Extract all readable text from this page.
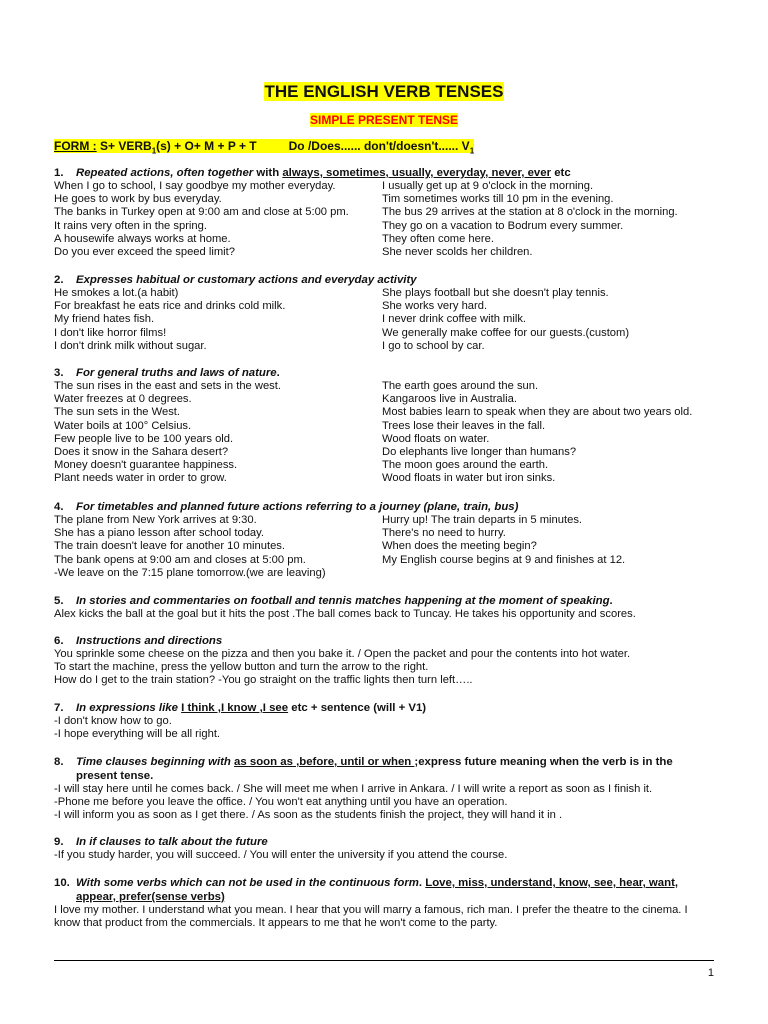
THE ENGLISH VERB TENSES
SIMPLE PRESENT TENSE
FORM : $S+ VERB_1(s) + O+ M + P + T$	Do /Does...... don't/doesn't...... $V_1$
1. Repeated actions, often together with always, sometimes, usually, everyday, never, ever etc
When I go to school, I say goodbye my mother everyday.	I usually get up at 9 o'clock in the morning.
He goes to work by bus everyday.	Tim sometimes works till 10 pm in the evening.
The banks in Turkey open at 9:00 am and close at 5:00 pm.	The bus 29 arrives at the station at 8 o'clock in the morning.
It rains very often in the spring.	They go on a vacation to Bodrum every summer.
A housewife always works at home.	They often come here.
Do you ever exceed the speed limit?	She never scolds her children.
2. Expresses habitual or customary actions and everyday activity
He smokes a lot.(a habit)	She plays football but she doesn't play tennis.
For breakfast he eats rice and drinks cold milk.	She works very hard.
My friend hates fish.	I never drink coffee with milk.
I don't like horror films!	We generally make coffee for our guests.(custom)
I don't drink milk without sugar.	I go to school by car.
3. For general truths and laws of nature.
The sun rises in the east and sets in the west.	The earth goes around the sun.
Water freezes at 0 degrees.	Kangaroos live in Australia.
The sun sets in the West.	Most babies learn to speak when they are about two years old.
Water boils at 100° Celsius.	Trees lose their leaves in the fall.
Few people live to be 100 years old.	Wood floats on water.
Does it snow in the Sahara desert?	Do elephants live longer than humans?
Money doesn't guarantee happiness.	The moon goes around the earth.
Plant needs water in order to grow.	Wood floats in water but iron sinks.
4. For timetables and planned future actions referring to a journey (plane, train, bus)
The plane from New York arrives at 9:30.	Hurry up! The train departs in 5 minutes.
She has a piano lesson after school today.	There's no need to hurry.
The train doesn't leave for another 10 minutes.	When does the meeting begin?
The bank opens at 9:00 am and closes at 5:00 pm.	My English course begins at 9 and finishes at 12.
-We leave on the 7:15 plane tomorrow.(we are leaving)
5. In stories and commentaries on football and tennis matches happening at the moment of speaking.
Alex kicks the ball at the goal but it hits the post .The ball comes back to Tuncay. He takes his opportunity and scores.
6. Instructions and directions
You sprinkle some cheese on the pizza and then you bake it. / Open the packet and pour the contents into hot water.
To start the machine, press the yellow button and turn the arrow to the right.
How do I get to the train station? -You go straight on the traffic lights then turn left…..
7. In expressions like I think ,I know ,I see etc + sentence (will + V1)
-I don't know how to go.
-I hope everything will be all right.
8. Time clauses beginning with as soon as ,before, until or when ;express future meaning when the verb is in the
present tense.
-I will stay here until he comes back. / She will meet me when I arrive in Ankara. / I will write a report as soon as I finish it.
-Phone me before you leave the office. / You won't eat anything until you have an operation.
-I will inform you as soon as I get there. / As soon as the students finish the project, they will hand it in .
9. In if clauses to talk about the future
-If you study harder, you will succeed. / You will enter the university if you attend the course.
10. With some verbs which can not be used in the continuous form. Love, miss, understand, know, see, hear, want,
appear, prefer(sense verbs)
I love my mother. I understand what you mean. I hear that you will marry a famous, rich man. I prefer the theatre to the cinema. I know that product from the commercials. It appears to me that he won't come to the party.
1
